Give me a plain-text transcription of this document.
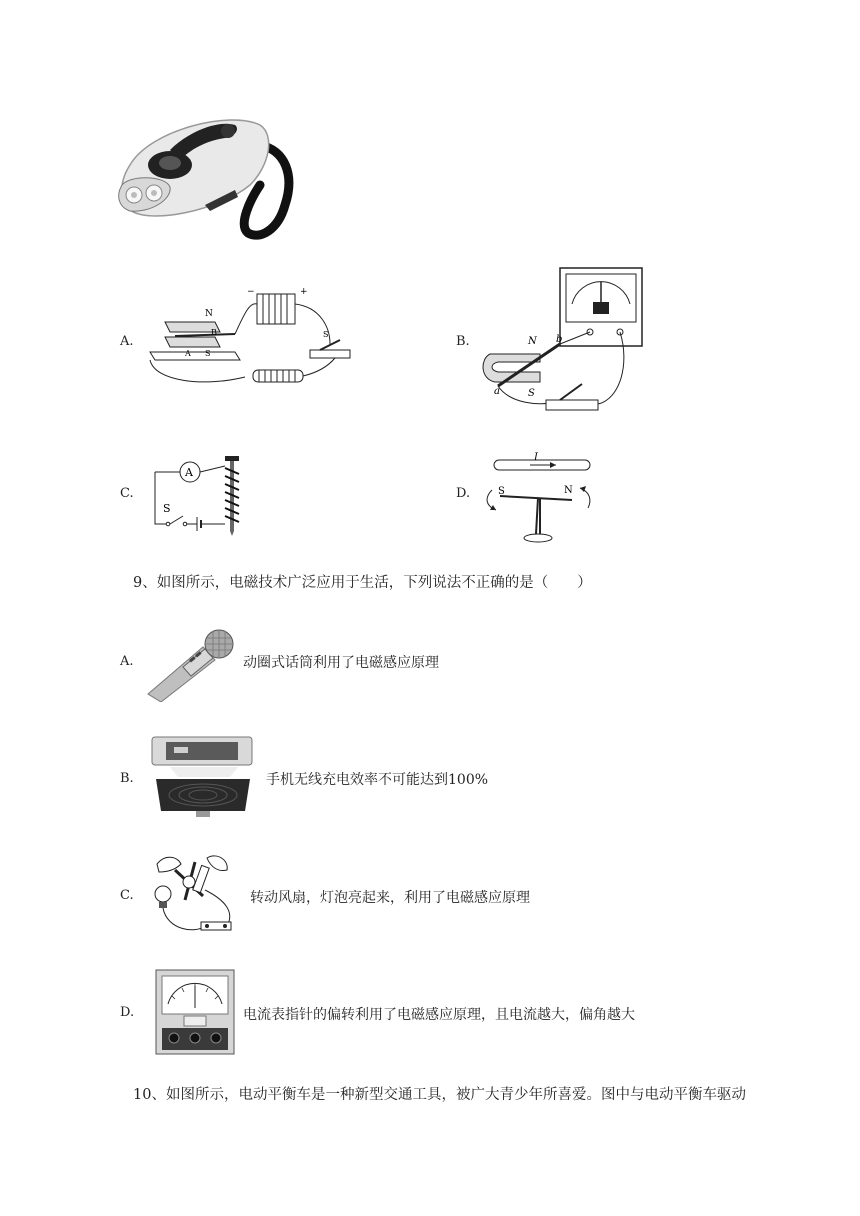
A.
−	+
N
B
A S
S	B.	N
S
a
b
C.
A
S
D.
I
S	N
9、如图所示，电磁技术广泛应用于生活，下列说法不正确的是（　　）
A.	动圈式话筒利用了电磁感应原理
B.	手机无线充电效率不可能达到100%
C.	转动风扇，灯泡亮起来，利用了电磁感应原理
D.	电流表指针的偏转利用了电磁感应原理，且电流越大，偏角越大
10、如图所示，电动平衡车是一种新型交通工具，被广大青少年所喜爱。图中与电动平衡车驱动
